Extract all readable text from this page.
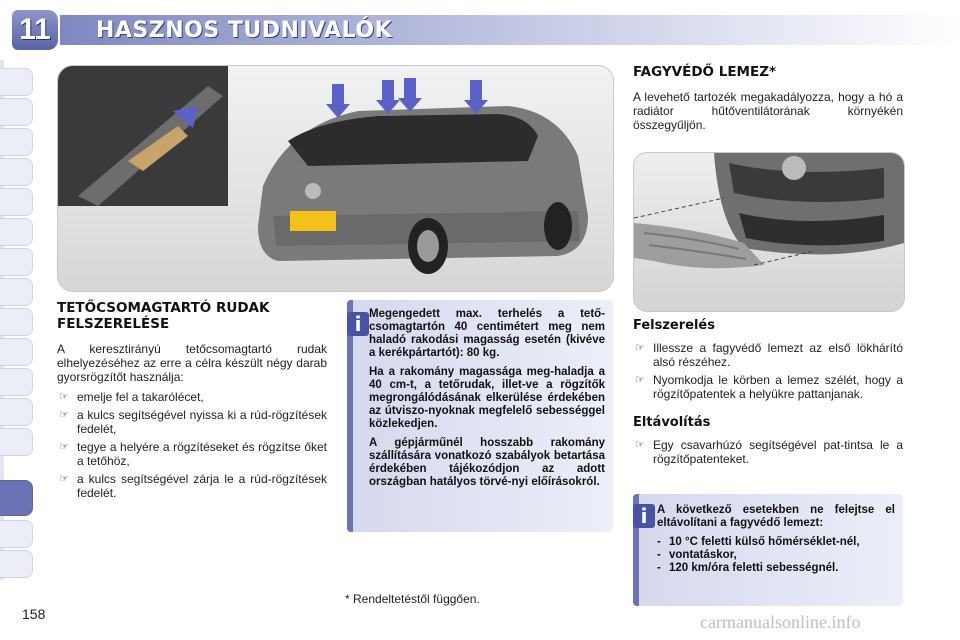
11 HASZNOS TUDNIVALÓK
TETŐCSOMAGTARTÓ RUDAK FELSZERELÉSE

A keresztirányú tetőcsomagtartó rudak elhelyezéséhez az erre a célra készült négy darab gyorsrögzítőt használja:

☞ emelje fel a takarólécet,
☞ a kulcs segítségével nyissa ki a rúd-rögzítések fedelét,
☞ tegye a helyére a rögzítéseket és rögzítse őket a tetőhöz,
☞ a kulcs segítségével zárja le a rúd-rögzítések fedelét.
i Megengedett max. terhelés a tető-csomagtartón 40 centimétert meg nem haladó rakodási magasság esetén (kivéve a kerékpártartót): 80 kg.

Ha a rakomány magassága meg-haladja a 40 cm-t, a tetőrudak, illet-ve a rögzítők megrongálódásának elkerülése érdekében az útviszo-nyoknak megfelelő sebességgel közlekedjen.

A gépjárműnél hosszabb rakomány szállítására vonatkozó szabályok betartása érdekében tájékozódjon az adott országban hatályos törvé-nyi előírásokról.

FAGYVÉDŐ LEMEZ*

A levehető tartozék megakadályozza, hogy a hó a radiátor hűtőventilátorának környékén összegyűljön.

Felszerelés
☞ Illessze a fagyvédő lemezt az első lökhárító alsó részéhez.
☞ Nyomkodja le körben a lemez szélét, hogy a rögzítőpatentek a helyükre pattanjanak.
Eltávolítás
☞ Egy csavarhúzó segítségével pat-tintsa le a rögzítőpatenteket.
i A következő esetekben ne felejtse el eltávolítani a fagyvédő lemezt:

- 10 °C feletti külső hőmérséklet-nél,
- vontatáskor,
- 120 km/óra feletti sebességnél.
* Rendeltetéstől függően.
158	carmanualsonline.info
